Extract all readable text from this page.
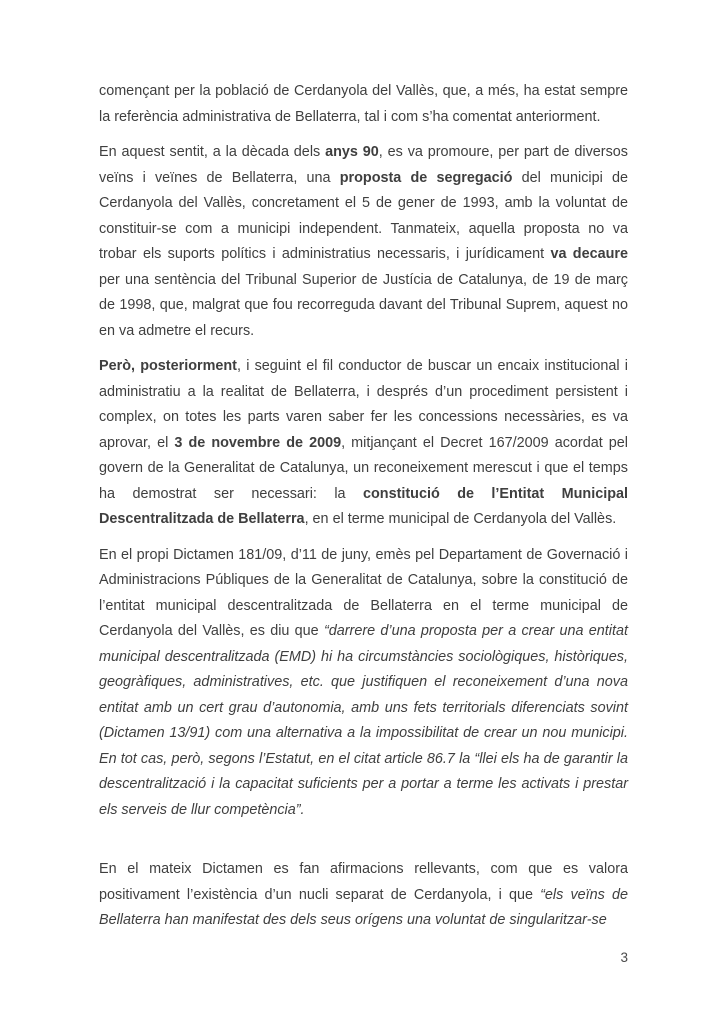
començant per la població de Cerdanyola del Vallès, que, a més, ha estat sempre la referència administrativa de Bellaterra, tal i com s’ha comentat anteriorment.

En aquest sentit, a la dècada dels anys 90, es va promoure, per part de diversos veïns i veïnes de Bellaterra, una proposta de segregació del municipi de Cerdanyola del Vallès, concretament el 5 de gener de 1993, amb la voluntat de constituir-se com a municipi independent. Tanmateix, aquella proposta no va trobar els suports polítics i administratius necessaris, i jurídicament va decaure per una sentència del Tribunal Superior de Justícia de Catalunya, de 19 de març de 1998, que, malgrat que fou recorreguda davant del Tribunal Suprem, aquest no en va admetre el recurs.

Però, posteriorment, i seguint el fil conductor de buscar un encaix institucional i administratiu a la realitat de Bellaterra, i després d’un procediment persistent i complex, on totes les parts varen saber fer les concessions necessàries, es va aprovar, el 3 de novembre de 2009, mitjançant el Decret 167/2009 acordat pel govern de la Generalitat de Catalunya, un reconeixement merescut i que el temps ha demostrat ser necessari: la constitució de l’Entitat Municipal Descentralitzada de Bellaterra, en el terme municipal de Cerdanyola del Vallès.

En el propi Dictamen 181/09, d’11 de juny, emès pel Departament de Governació i Administracions Públiques de la Generalitat de Catalunya, sobre la constitució de l’entitat municipal descentralitzada de Bellaterra en el terme municipal de Cerdanyola del Vallès, es diu que “darrere d’una proposta per a crear una entitat municipal descentralitzada (EMD) hi ha circumstàncies sociològiques, històriques, geogràfiques, administratives, etc. que justifiquen el reconeixement d’una nova entitat amb un cert grau d’autonomia, amb uns fets territorials diferenciats sovint (Dictamen 13/91) com una alternativa a la impossibilitat de crear un nou municipi. En tot cas, però, segons l’Estatut, en el citat article 86.7 la “llei els ha de garantir la descentralització i la capacitat suficients per a portar a terme les activats i prestar els serveis de llur competència”.

En el mateix Dictamen es fan afirmacions rellevants, com que es valora positivament l’existència d’un nucli separat de Cerdanyola, i que “els veïns de Bellaterra han manifestat des dels seus orígens una voluntat de singularitzar-se

3
